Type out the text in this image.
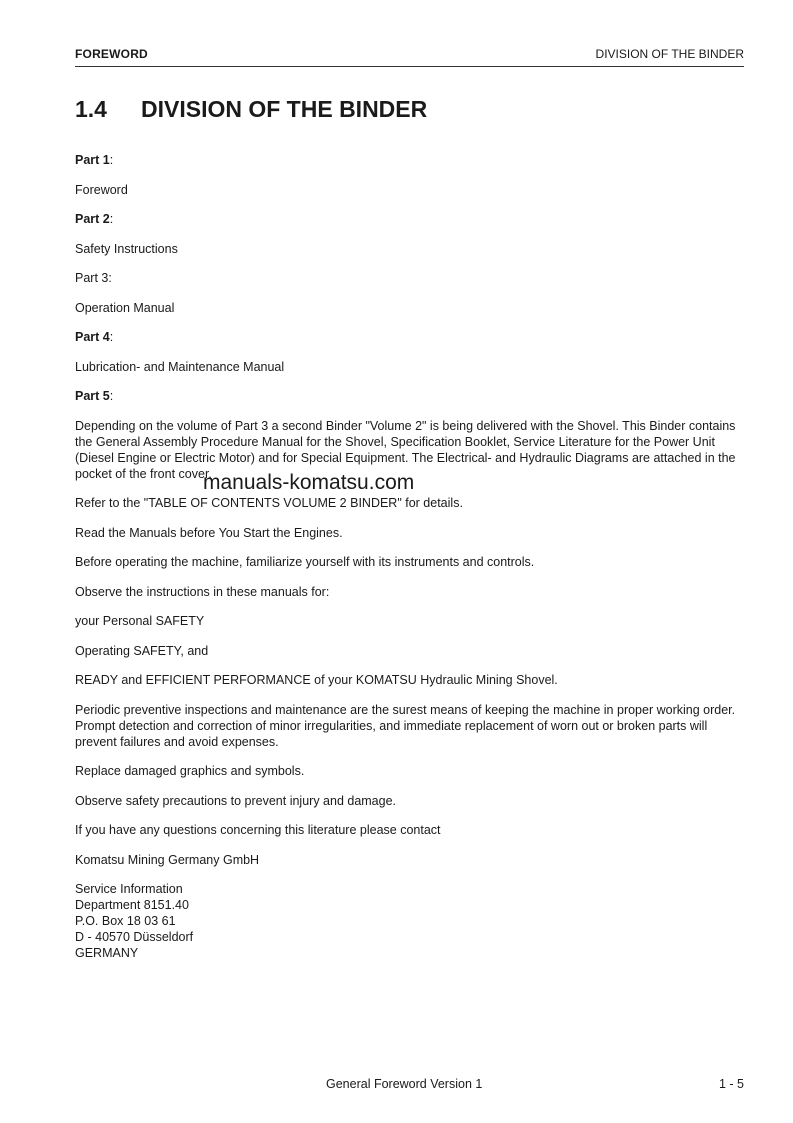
FOREWORD	DIVISION OF THE BINDER
1.4 DIVISION OF THE BINDER

Part 1:

Foreword

Part 2:

Safety Instructions

Part 3:

Operation Manual

Part 4:

Lubrication- and Maintenance Manual

Part 5:

Depending on the volume of Part 3 a second Binder "Volume 2" is being delivered with the Shovel. This Binder contains the General Assembly Procedure Manual for the Shovel, Specification Booklet, Service Literature for the Power Unit (Diesel Engine or Electric Motor) and for Special Equipment. The Electrical- and Hydraulic Diagrams are attached in the pocket of the front cover.

Refer to the "TABLE OF CONTENTS VOLUME 2 BINDER" for details.

Read the Manuals before You Start the Engines.

Before operating the machine, familiarize yourself with its instruments and controls.

Observe the instructions in these manuals for:

your Personal SAFETY

Operating SAFETY, and

READY and EFFICIENT PERFORMANCE of your KOMATSU Hydraulic Mining Shovel.

Periodic preventive inspections and maintenance are the surest means of keeping the machine in proper working order. Prompt detection and correction of minor irregularities, and immediate replacement of worn out or broken parts will prevent failures and avoid expenses.

Replace damaged graphics and symbols.

Observe safety precautions to prevent injury and damage.

If you have any questions concerning this literature please contact

Komatsu Mining Germany GmbH

Service Information
Department 8151.40
P.O. Box 18 03 61
D - 40570 Düsseldorf
GERMANY
manuals-komatsu.com
General Foreword Version 1	1 - 5
